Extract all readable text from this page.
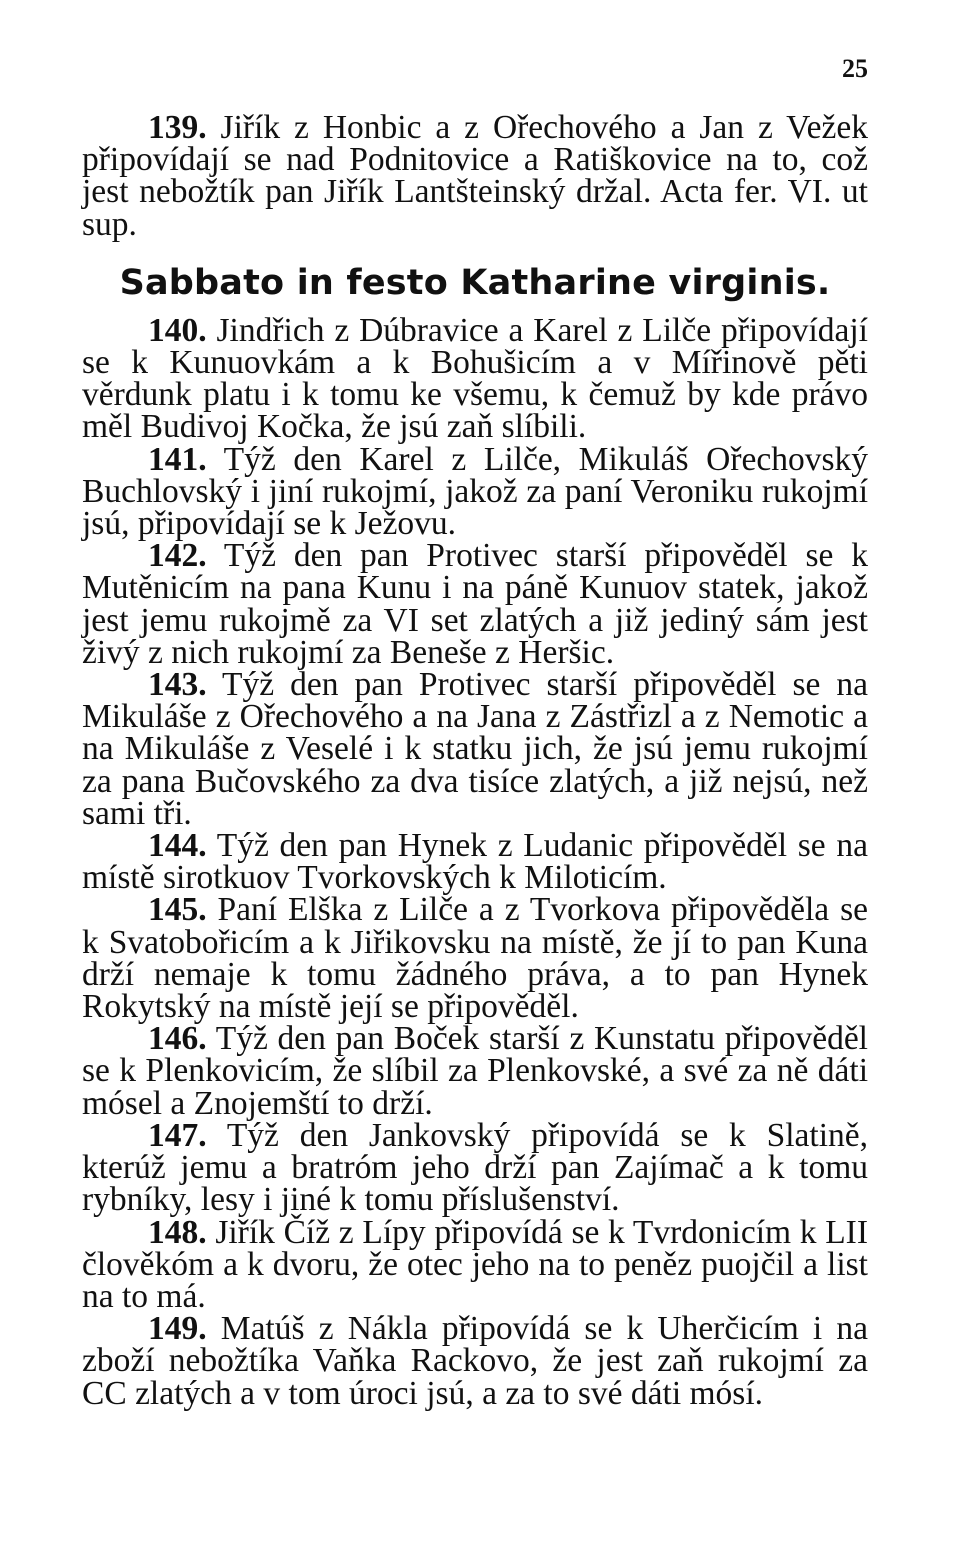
25

139. Jiřík z Honbic a z Ořechového a Jan z Vežek připovídají se nad Podnitovice a Ratiškovice na to, což jest nebožtík pan Jiřík Lantšteinský držal. Acta fer. VI. ut sup.

Sabbato in festo Katharine virginis.

140. Jindřich z Dúbravice a Karel z Lilče připovídají se k Kunuovkám a k Bohušicím a v Mířinově pěti věrdunk platu i k tomu ke všemu, k čemuž by kde právo měl Budivoj Kočka, že jsú zaň slíbili.

141. Týž den Karel z Lilče, Mikuláš Ořechovský Buchlovský i jiní rukojmí, jakož za paní Veroniku rukojmí jsú, připovídají se k Ježovu.

142. Týž den pan Protivec starší připověděl se k Mutěnicím na pana Kunu i na páně Kunuov statek, jakož jest jemu rukojmě za VI set zlatých a již jediný sám jest živý z nich rukojmí za Beneše z Heršic.

143. Týž den pan Protivec starší připověděl se na Mikuláše z Ořechového a na Jana z Zástřizl a z Nemotic a na Mikuláše z Veselé i k statku jich, že jsú jemu rukojmí za pana Bučovského za dva tisíce zlatých, a již nejsú, než sami tři.

144. Týž den pan Hynek z Ludanic připověděl se na místě sirotkuov Tvorkovských k Miloticím.

145. Paní Elška z Lilče a z Tvorkova připověděla se k Svatobořicím a k Jiřikovsku na místě, že jí to pan Kuna drží nemaje k tomu žádného práva, a to pan Hynek Rokytský na místě její se připověděl.

146. Týž den pan Boček starší z Kunstatu připověděl se k Plenkovicím, že slíbil za Plenkovské, a své za ně dáti mósel a Znojemští to drží.

147. Týž den Jankovský připovídá se k Slatině, kterúž jemu a bratróm jeho drží pan Zajímač a k tomu rybníky, lesy i jiné k tomu příslušenství.

148. Jiřík Číž z Lípy připovídá se k Tvrdonicím k LII člověkóm a k dvoru, že otec jeho na to peněz puojčil a list na to má.

149. Matúš z Nákla připovídá se k Uherčicím i na zboží nebožtíka Vaňka Rackovo, že jest zaň rukojmí za CC zlatých a v tom úroci jsú, a za to své dáti mósí.
